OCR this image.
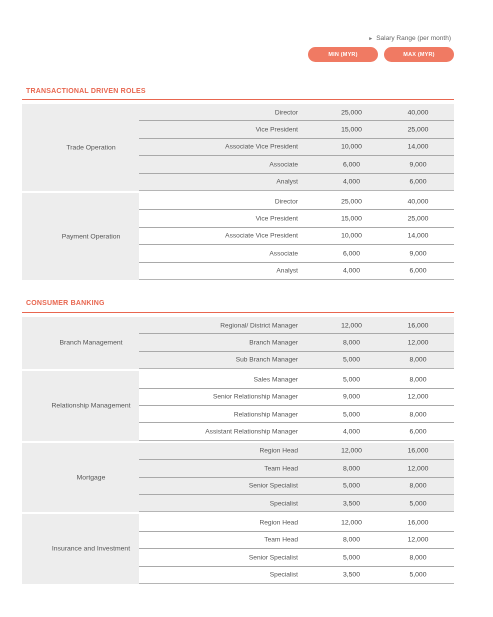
► Salary Range (per month)
MIN (MYR)	MAX (MYR)
TRANSACTIONAL DRIVEN ROLES
Trade Operation
Director	25,000	40,000
Vice President	15,000	25,000
Associate Vice President	10,000	14,000
Associate	6,000	9,000
Analyst	4,000	6,000
Payment Operation
Director	25,000	40,000
Vice President	15,000	25,000
Associate Vice President	10,000	14,000
Associate	6,000	9,000
Analyst	4,000	6,000
CONSUMER BANKING
Branch Management
Regional/ District Manager	12,000	16,000
Branch Manager	8,000	12,000
Sub Branch Manager	5,000	8,000
Relationship Management
Sales Manager	5,000	8,000
Senior Relationship Manager	9,000	12,000
Relationship Manager	5,000	8,000
Assistant Relationship Manager	4,000	6,000
Mortgage
Region Head	12,000	16,000
Team Head	8,000	12,000
Senior Specialist	5,000	8,000
Specialist	3,500	5,000
Insurance and Investment
Region Head	12,000	16,000
Team Head	8,000	12,000
Senior Specialist	5,000	8,000
Specialist	3,500	5,000
